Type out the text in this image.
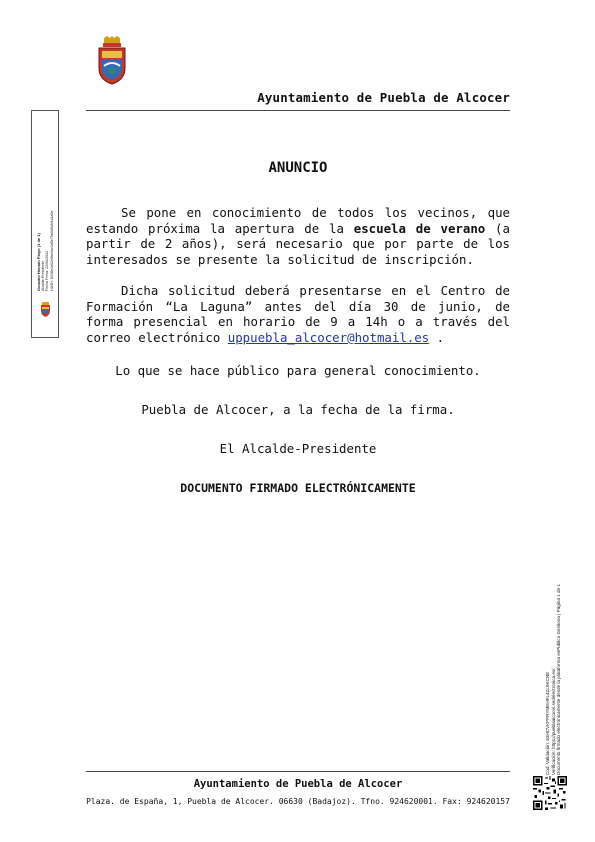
Ayuntamiento de Puebla de Alcocer
Gonzalo Hernán Pinyo (1 de 1) Alcalde-Presidente Fecha Firma: 22/06/2022 HASH: 8338e4a52e9be0ac3d5e79b0c6b8f4a1a0e
ANUNCIO
Se pone en conocimiento de todos los vecinos, que estando próxima la apertura de la escuela de verano (a partir de 2 años), será necesario que por parte de los interesados se presente la solicitud de inscripción.
Dicha solicitud deberá presentarse en el Centro de Formación “La Laguna” antes del día 30 de junio, de forma presencial en horario de 9 a 14h o a través del correo electrónico uppuebla_alcocer@hotmail.es .
Lo que se hace público para general conocimiento.
Puebla de Alcocer, a la fecha de la firma.
El Alcalde-Presidente
DOCUMENTO FIRMADO ELECTRÓNICAMENTE
Cód. Validación: 63HCVKFPRYMEHFL4ZL9KCNE Verificación: https://pueblaalcocer.sedelectronica.es/ Documento firmado electrónicamente desde la plataforma esPublico Gestiona | Página 1 de 1
Ayuntamiento de Puebla de Alcocer
Plaza. de España, 1, Puebla de Alcocer. 06630 (Badajoz). Tfno. 924620001. Fax: 924620157
